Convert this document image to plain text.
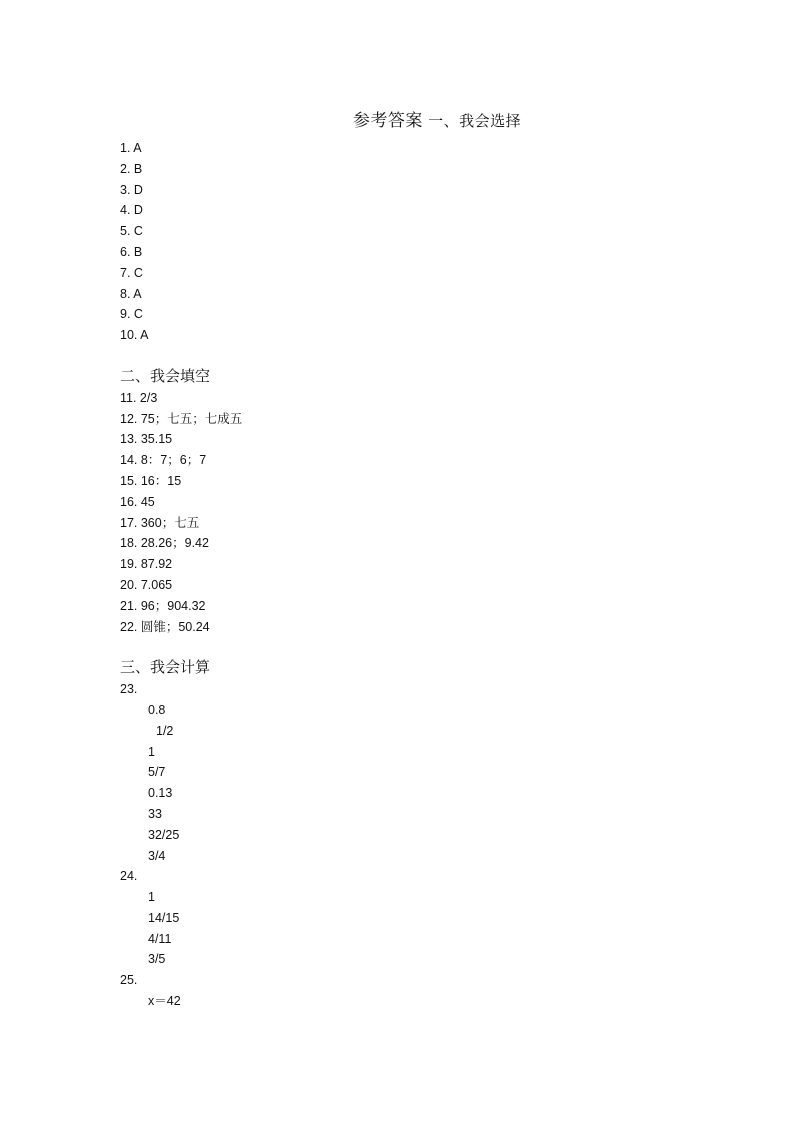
参考答案 一、我会选择
1. A
2. B
3. D
4. D
5. C
6. B
7. C
8. A
9. C
10. A
二、我会填空
11. 2/3
12. 75；七五；七成五
13. 35.15
14. 8：7；6；7
15. 16：15
16. 45
17. 360；七五
18. 28.26；9.42
19. 87.92
20. 7.065
21. 96；904.32
22. 圆锥；50.24
三、我会计算
23.
0.8
1/2
1
5/7
0.13
33
32/25
3/4
24.
1
14/15
4/11
3/5
25.
x＝42
